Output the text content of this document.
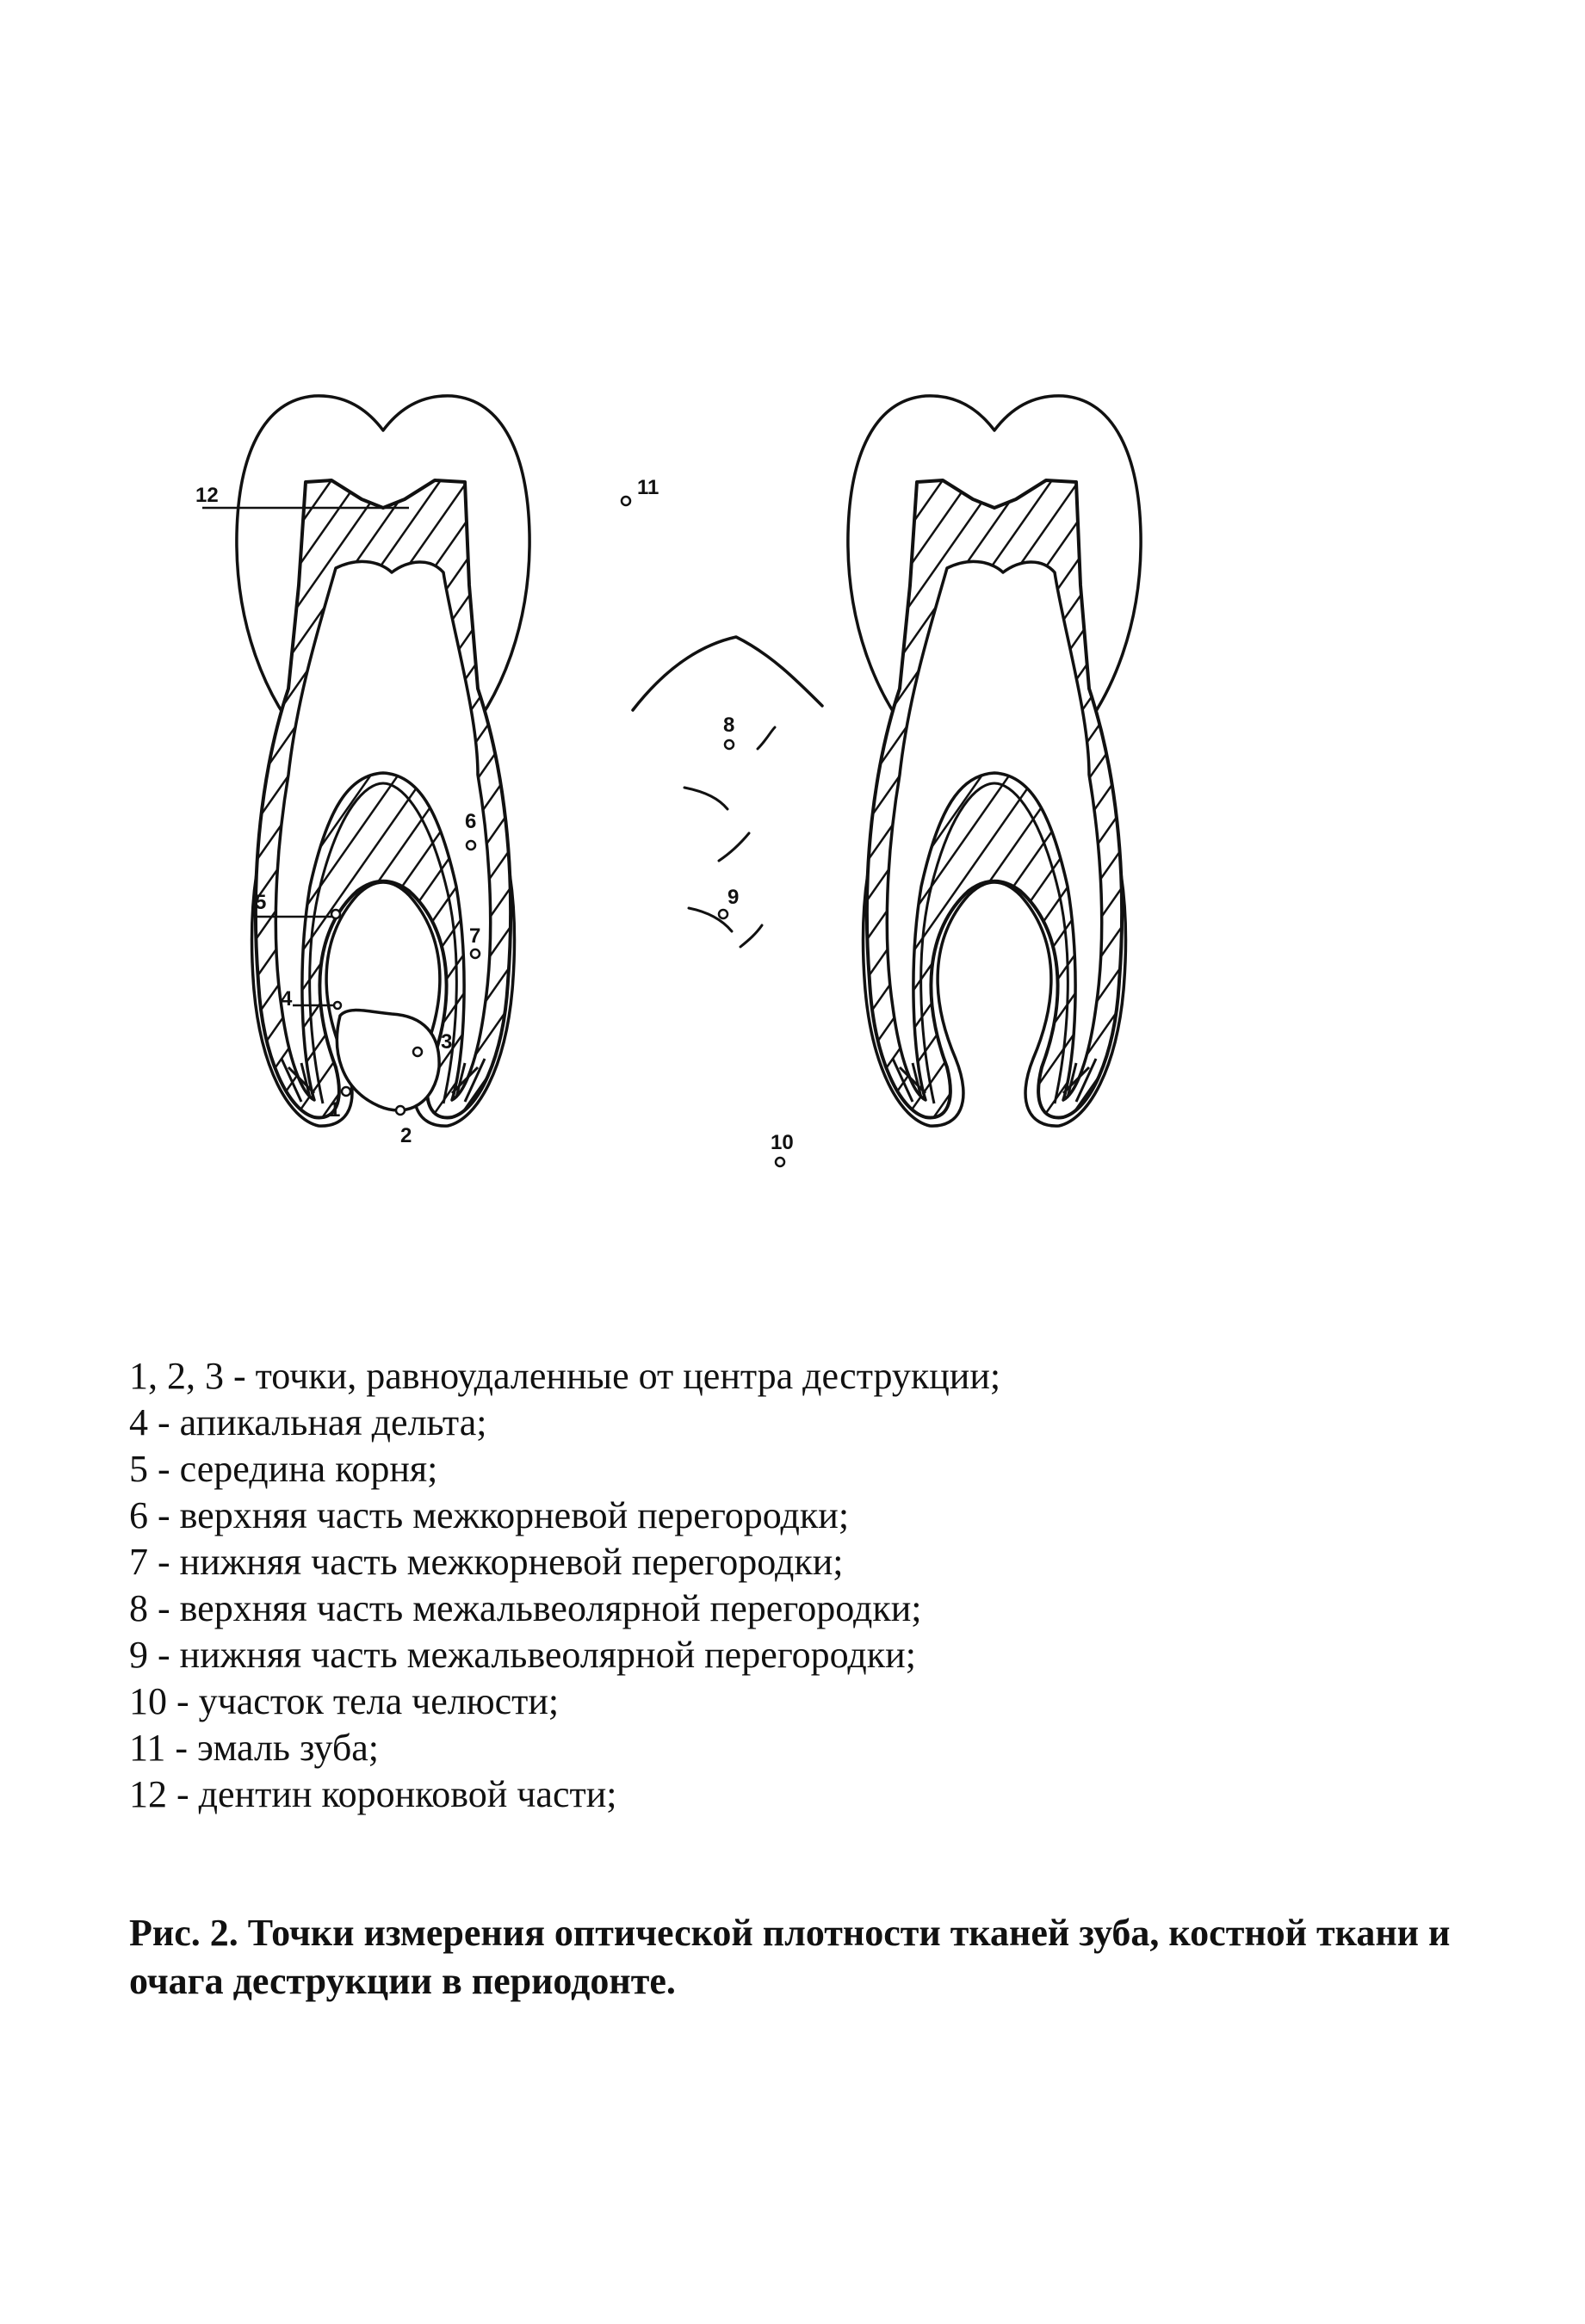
1
2
3
4
5
6
7
8
9
10
11
12
1, 2, 3 - точки, равноудаленные от центра деструкции;
4 - апикальная дельта;
5 - середина корня;
6 - верхняя часть межкорневой перегородки;
7 - нижняя часть межкорневой перегородки;
8 - верхняя часть межальвеолярной перегородки;
9 - нижняя часть межальвеолярной перегородки;
10 - участок тела челюсти;
11 - эмаль зуба;
12 - дентин коронковой части;
Рис. 2. Точки измерения оптической плотности тканей зуба, костной ткани и очага деструкции в периодонте.
